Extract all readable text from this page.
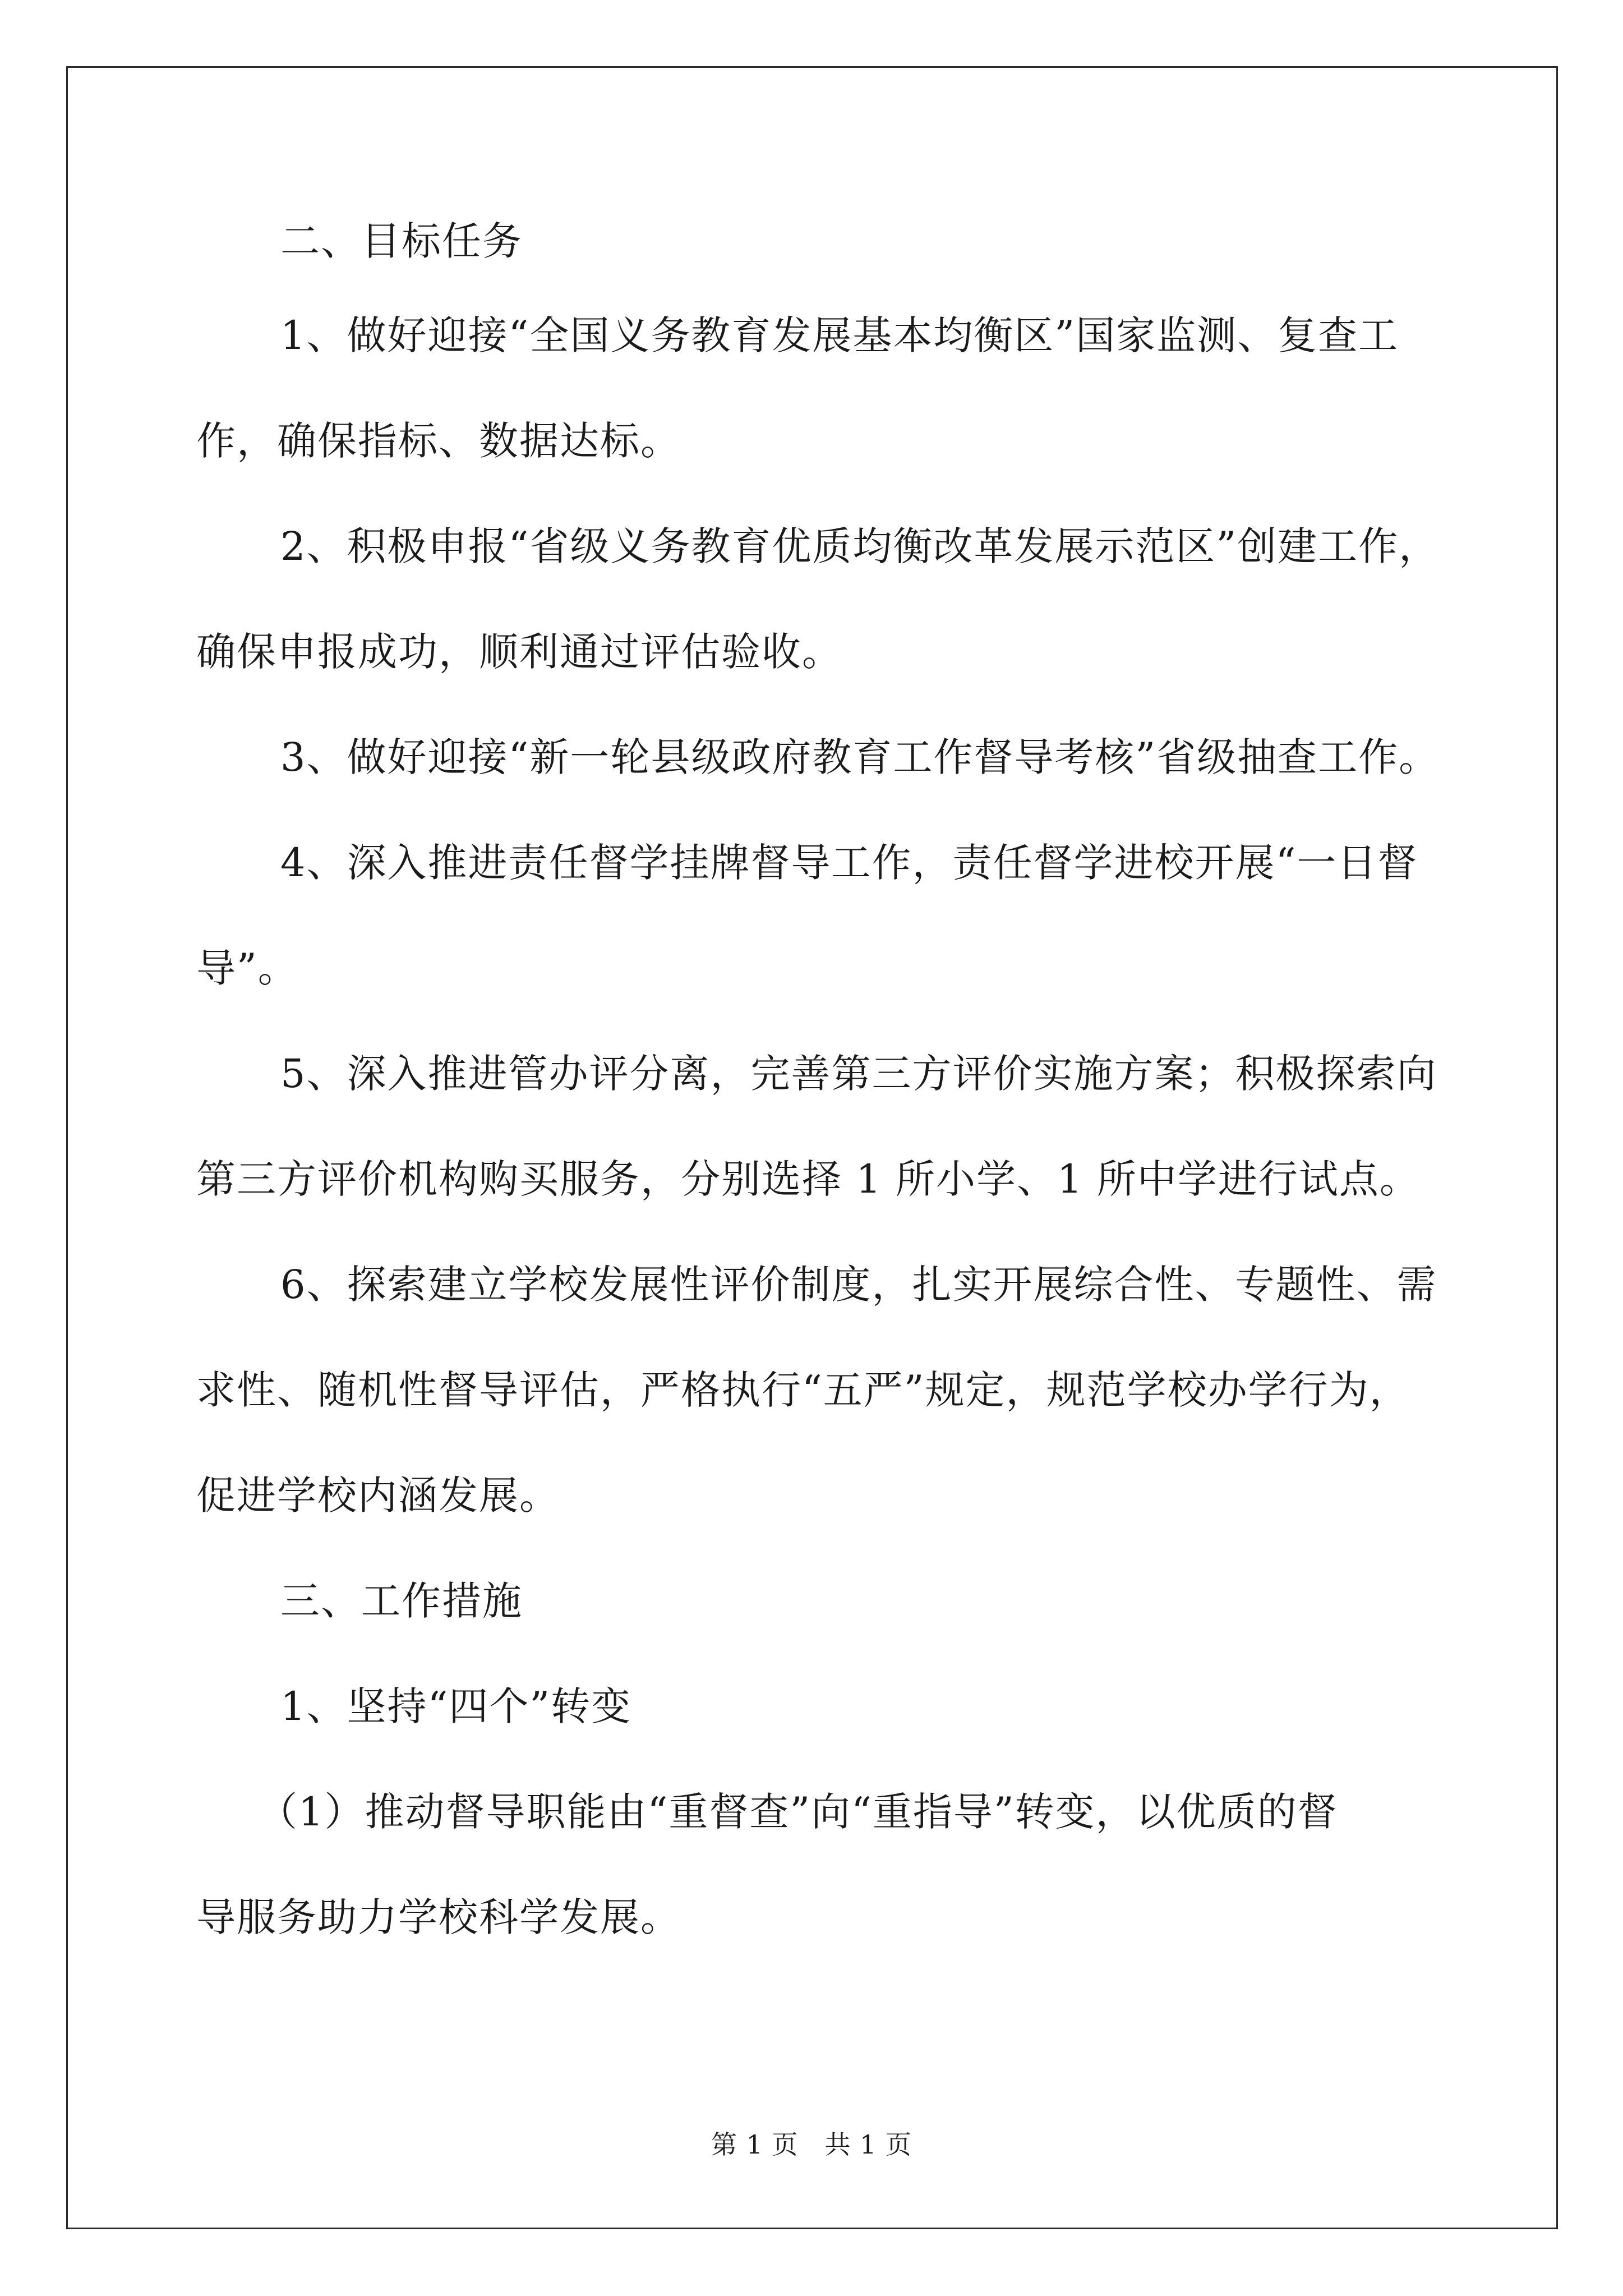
二、目标任务
1、做好迎接“全国义务教育发展基本均衡区”国家监测、复查工
作，确保指标、数据达标。
2、积极申报“省级义务教育优质均衡改革发展示范区”创建工作，
确保申报成功，顺利通过评估验收。
3、做好迎接“新一轮县级政府教育工作督导考核”省级抽查工作。
4、深入推进责任督学挂牌督导工作，责任督学进校开展“一日督
导”。
5、深入推进管办评分离，完善第三方评价实施方案；积极探索向
第三方评价机构购买服务，分别选择 1 所小学、1 所中学进行试点。
6、探索建立学校发展性评价制度，扎实开展综合性、专题性、需
求性、随机性督导评估，严格执行“五严”规定，规范学校办学行为，
促进学校内涵发展。
三、工作措施
1、坚持“四个”转变
（1）推动督导职能由“重督查”向“重指导”转变，以优质的督
导服务助力学校科学发展。
第 1 页　共 1 页
